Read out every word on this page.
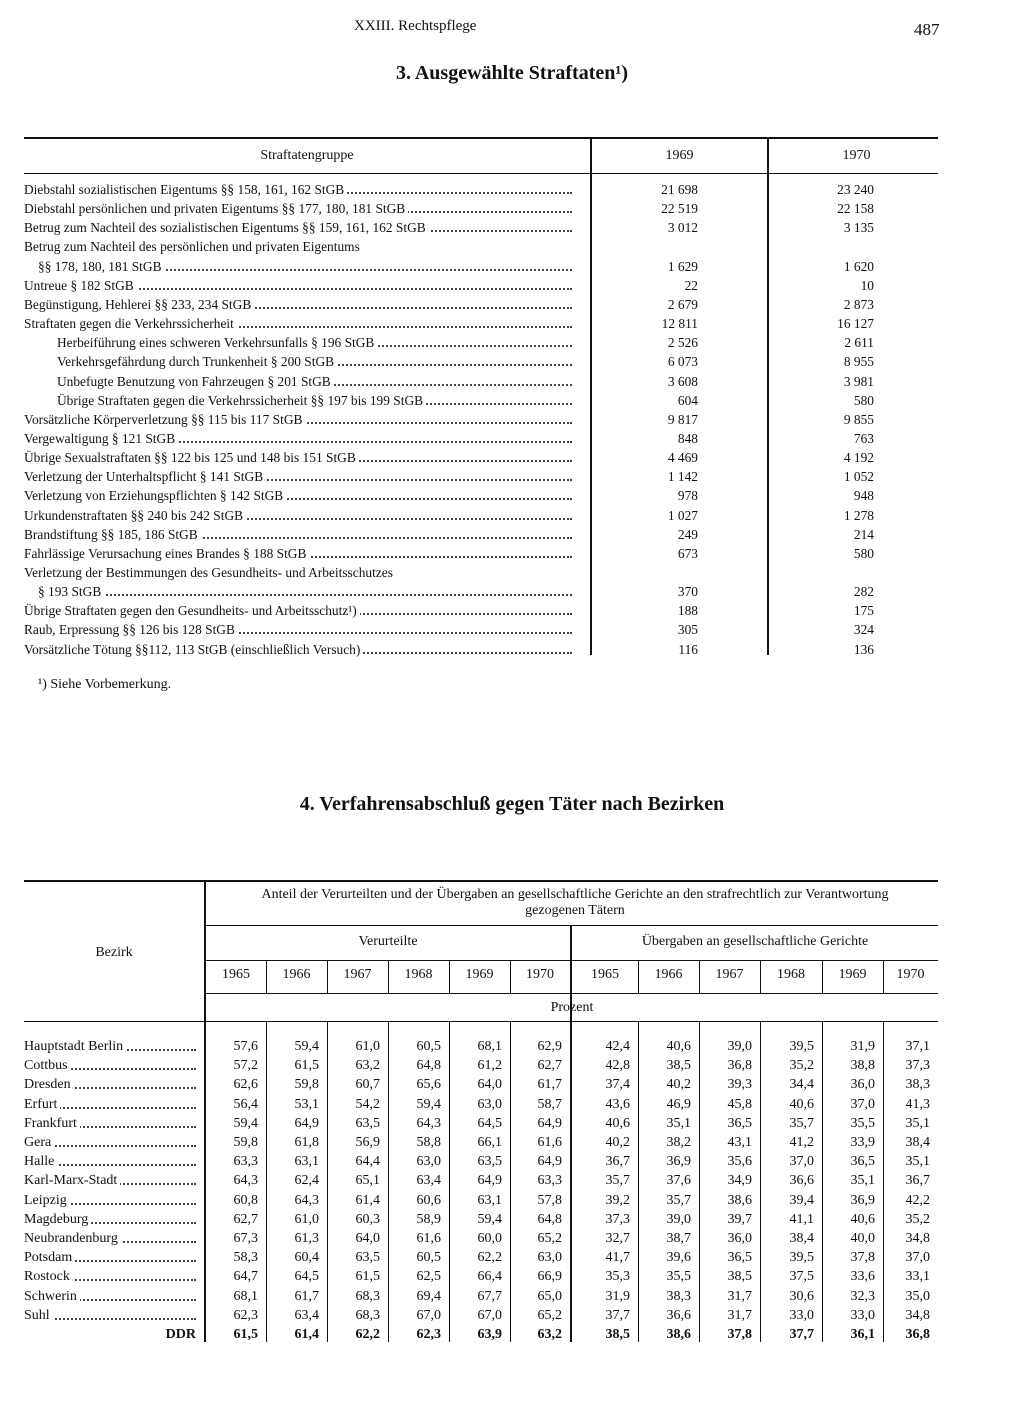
XXIII. Rechtspflege	487
3. Ausgewählte Straftaten¹)
Straftatengruppe	1969	1970
Diebstahl sozialistischen Eigentums §§ 158, 161, 162 StGB	21 698	23 240
Diebstahl persönlichen und privaten Eigentums §§ 177, 180, 181 StGB	22 519	22 158
Betrug zum Nachteil des sozialistischen Eigentums §§ 159, 161, 162 StGB	3 012	3 135
Betrug zum Nachteil des persönlichen und privaten Eigentums
§§ 178, 180, 181 StGB	1 629	1 620
Untreue § 182 StGB	22	10
Begünstigung, Hehlerei §§ 233, 234 StGB	2 679	2 873
Straftaten gegen die Verkehrssicherheit	12 811	16 127
Herbeiführung eines schweren Verkehrsunfalls § 196 StGB	2 526	2 611
Verkehrsgefährdung durch Trunkenheit § 200 StGB	6 073	8 955
Unbefugte Benutzung von Fahrzeugen § 201 StGB	3 608	3 981
Übrige Straftaten gegen die Verkehrssicherheit §§ 197 bis 199 StGB	604	580
Vorsätzliche Körperverletzung §§ 115 bis 117 StGB	9 817	9 855
Vergewaltigung § 121 StGB	848	763
Übrige Sexualstraftaten §§ 122 bis 125 und 148 bis 151 StGB	4 469	4 192
Verletzung der Unterhaltspflicht § 141 StGB	1 142	1 052
Verletzung von Erziehungspflichten § 142 StGB	978	948
Urkundenstraftaten §§ 240 bis 242 StGB	1 027	1 278
Brandstiftung §§ 185, 186 StGB	249	214
Fahrlässige Verursachung eines Brandes § 188 StGB	673	580
Verletzung der Bestimmungen des Gesundheits- und Arbeitsschutzes
§ 193 StGB	370	282
Übrige Straftaten gegen den Gesundheits- und Arbeitsschutz¹)	188	175
Raub, Erpressung §§ 126 bis 128 StGB	305	324
Vorsätzliche Tötung §§112, 113 StGB (einschließlich Versuch)	116	136
¹) Siehe Vorbemerkung.
4. Verfahrensabschluß gegen Täter nach Bezirken
Bezirk
Anteil der Verurteilten und der Übergaben an gesellschaftliche Gerichte an den strafrechtlich zur Verantwortung gezogenen Tätern
Verurteilte	Übergaben an gesellschaftliche Gerichte
1965	1966	1967	1968	1969	1970	1965	1966	1967	1968	1969	1970
Prozent
Hauptstadt Berlin	57,6	59,4	61,0	60,5	68,1	62,9	42,4	40,6	39,0	39,5	31,9	37,1
Cottbus	57,2	61,5	63,2	64,8	61,2	62,7	42,8	38,5	36,8	35,2	38,8	37,3
Dresden	62,6	59,8	60,7	65,6	64,0	61,7	37,4	40,2	39,3	34,4	36,0	38,3
Erfurt	56,4	53,1	54,2	59,4	63,0	58,7	43,6	46,9	45,8	40,6	37,0	41,3
Frankfurt	59,4	64,9	63,5	64,3	64,5	64,9	40,6	35,1	36,5	35,7	35,5	35,1
Gera	59,8	61,8	56,9	58,8	66,1	61,6	40,2	38,2	43,1	41,2	33,9	38,4
Halle	63,3	63,1	64,4	63,0	63,5	64,9	36,7	36,9	35,6	37,0	36,5	35,1
Karl-Marx-Stadt	64,3	62,4	65,1	63,4	64,9	63,3	35,7	37,6	34,9	36,6	35,1	36,7
Leipzig	60,8	64,3	61,4	60,6	63,1	57,8	39,2	35,7	38,6	39,4	36,9	42,2
Magdeburg	62,7	61,0	60,3	58,9	59,4	64,8	37,3	39,0	39,7	41,1	40,6	35,2
Neubrandenburg	67,3	61,3	64,0	61,6	60,0	65,2	32,7	38,7	36,0	38,4	40,0	34,8
Potsdam	58,3	60,4	63,5	60,5	62,2	63,0	41,7	39,6	36,5	39,5	37,8	37,0
Rostock	64,7	64,5	61,5	62,5	66,4	66,9	35,3	35,5	38,5	37,5	33,6	33,1
Schwerin	68,1	61,7	68,3	69,4	67,7	65,0	31,9	38,3	31,7	30,6	32,3	35,0
Suhl	62,3	63,4	68,3	67,0	67,0	65,2	37,7	36,6	31,7	33,0	33,0	34,8
DDR	61,5	61,4	62,2	62,3	63,9	63,2	38,5	38,6	37,8	37,7	36,1	36,8
